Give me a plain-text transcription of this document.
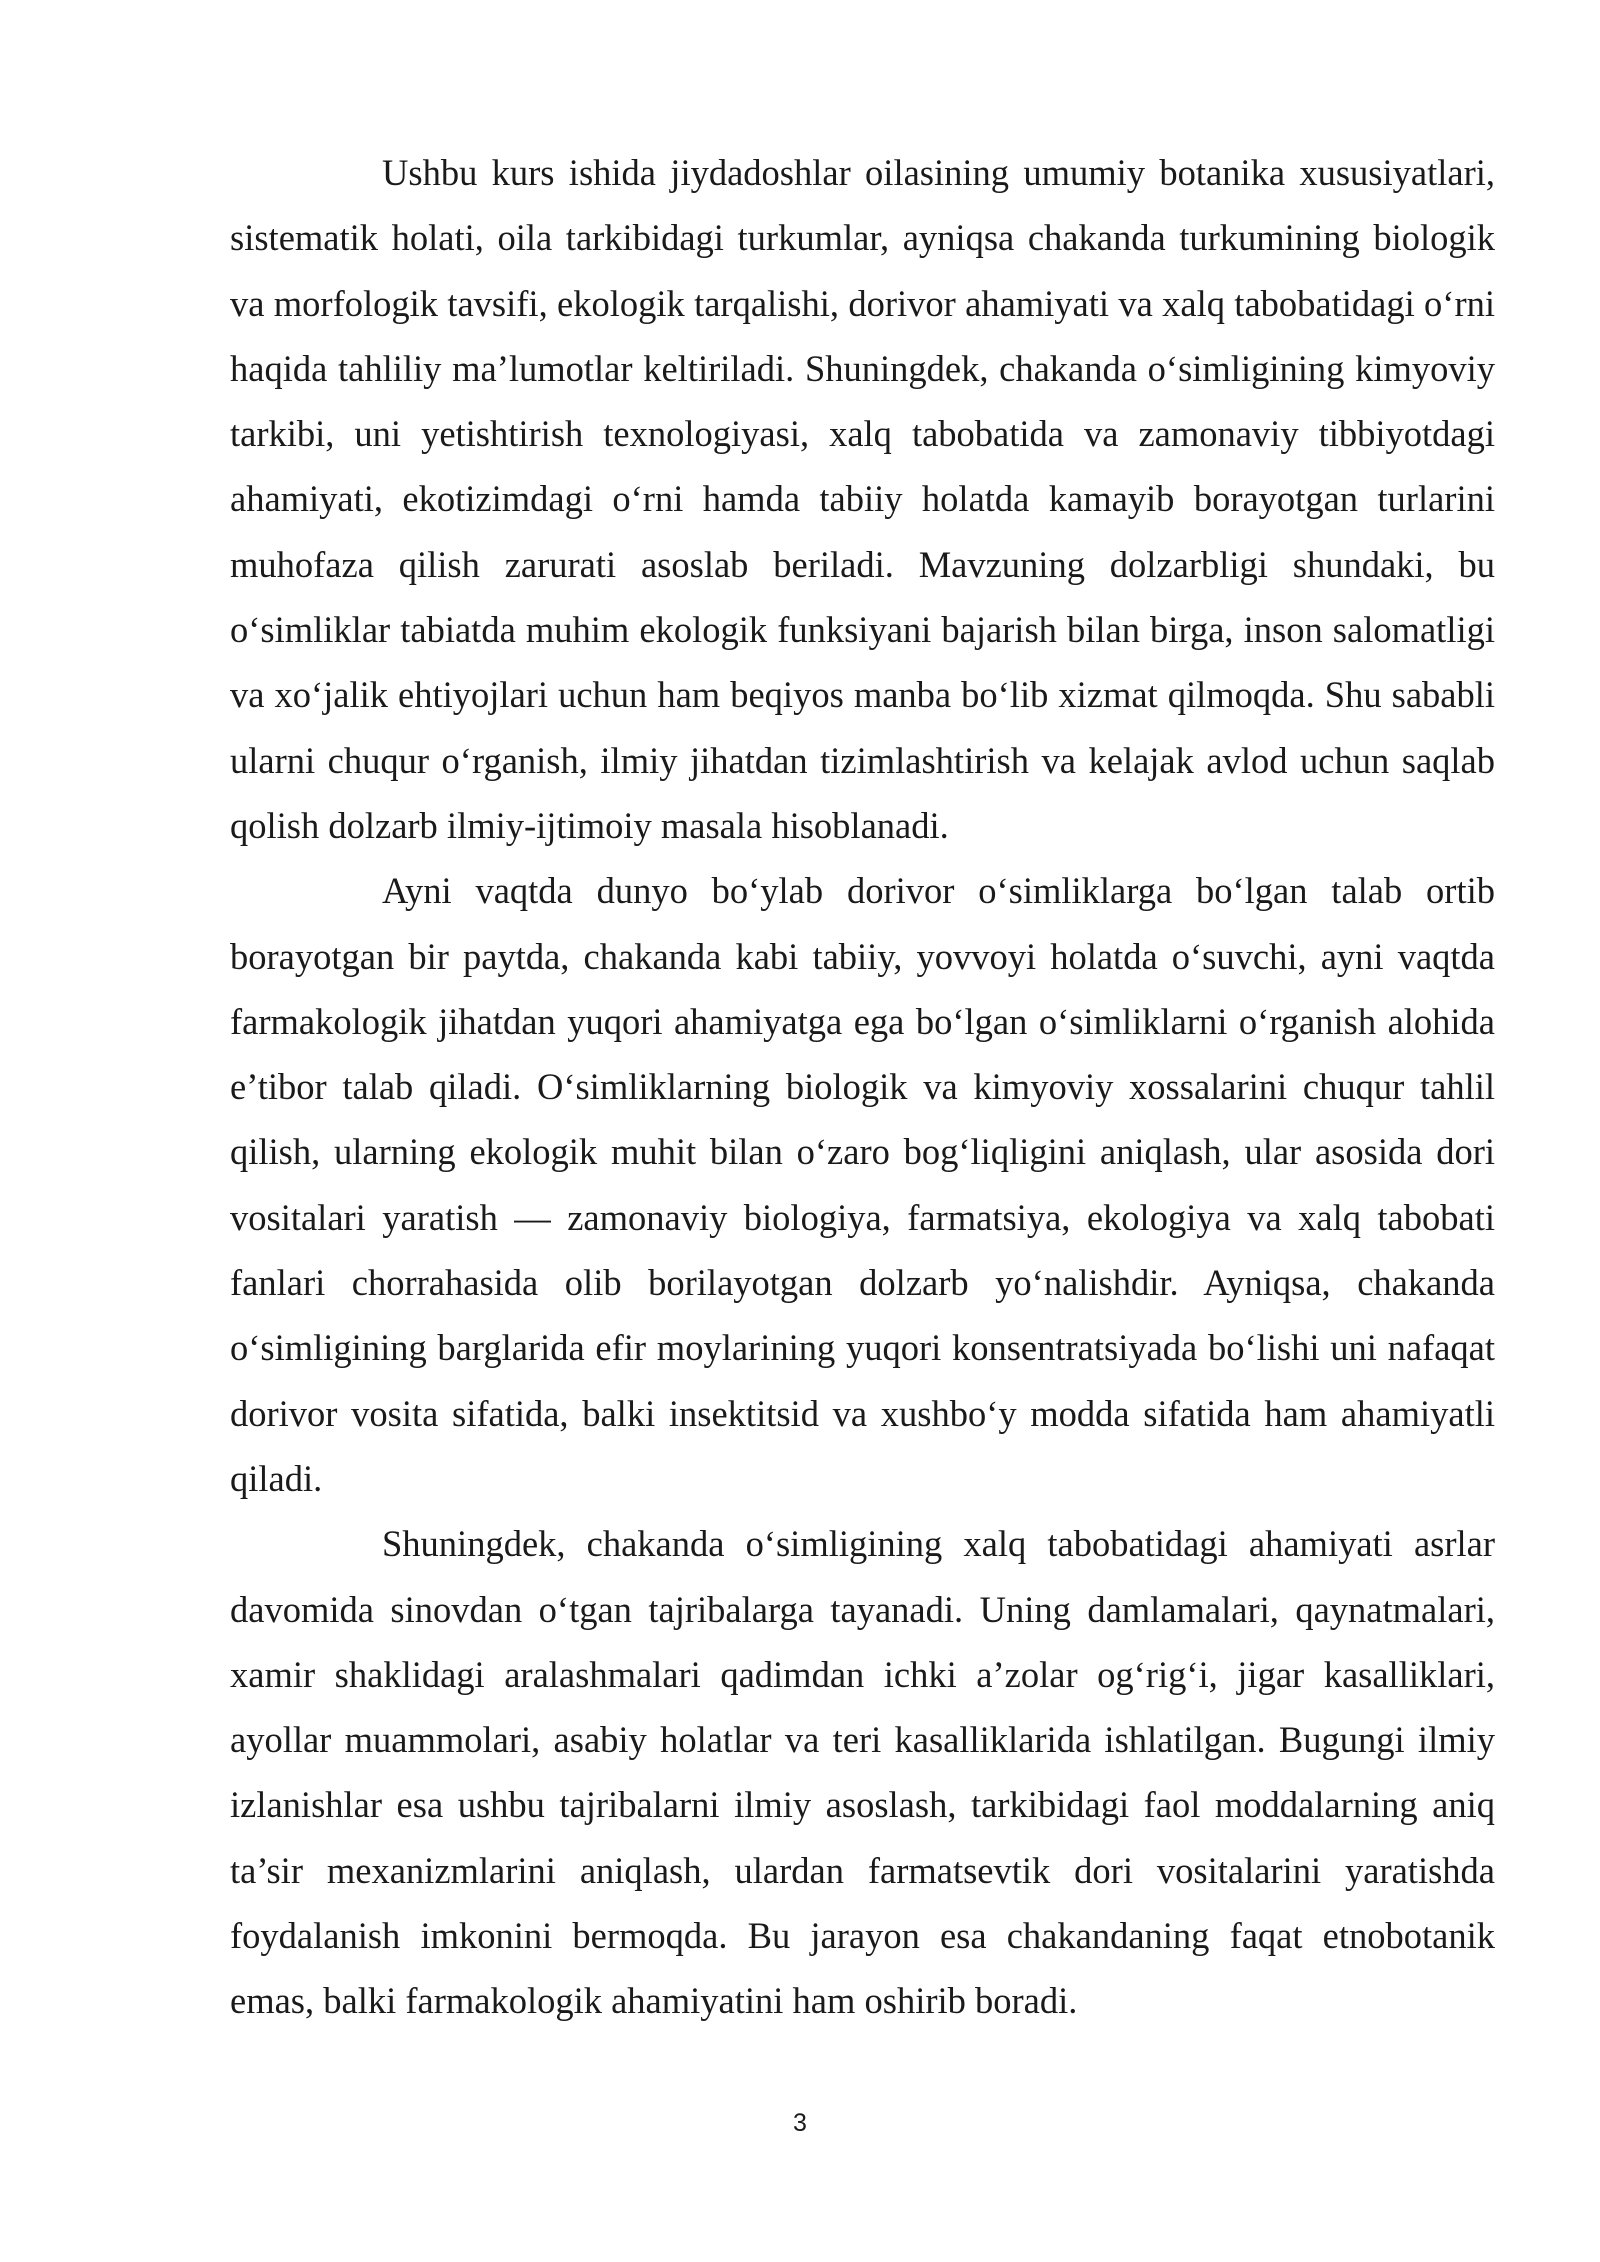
Ushbu kurs ishida jiydadoshlar oilasining umumiy botanika xususiyatlari, sistematik holati, oila tarkibidagi turkumlar, ayniqsa chakanda turkumining biologik va morfologik tavsifi, ekologik tarqalishi, dorivor ahamiyati va xalq tabobatidagi o‘rni haqida tahliliy ma’lumotlar keltiriladi. Shuningdek, chakanda o‘simligining kimyoviy tarkibi, uni yetishtirish texnologiyasi, xalq tabobatida va zamonaviy tibbiyotdagi ahamiyati, ekotizimdagi o‘rni hamda tabiiy holatda kamayib borayotgan turlarini muhofaza qilish zarurati asoslab beriladi. Mavzuning dolzarbligi shundaki, bu o‘simliklar tabiatda muhim ekologik funksiyani bajarish bilan birga, inson salomatligi va xo‘jalik ehtiyojlari uchun ham beqiyos manba bo‘lib xizmat qilmoqda. Shu sababli ularni chuqur o‘rganish, ilmiy jihatdan tizimlashtirish va kelajak avlod uchun saqlab qolish dolzarb ilmiy-ijtimoiy masala hisoblanadi.

Ayni vaqtda dunyo bo‘ylab dorivor o‘simliklarga bo‘lgan talab ortib borayotgan bir paytda, chakanda kabi tabiiy, yovvoyi holatda o‘suvchi, ayni vaqtda farmakologik jihatdan yuqori ahamiyatga ega bo‘lgan o‘simliklarni o‘rganish alohida e’tibor talab qiladi. O‘simliklarning biologik va kimyoviy xossalarini chuqur tahlil qilish, ularning ekologik muhit bilan o‘zaro bog‘liqligini aniqlash, ular asosida dori vositalari yaratish — zamonaviy biologiya, farmatsiya, ekologiya va xalq tabobati fanlari chorrahasida olib borilayotgan dolzarb yo‘nalishdir. Ayniqsa, chakanda o‘simligining barglarida efir moylarining yuqori konsentratsiyada bo‘lishi uni nafaqat dorivor vosita sifatida, balki insektitsid va xushbo‘y modda sifatida ham ahamiyatli qiladi.

Shuningdek, chakanda o‘simligining xalq tabobatidagi ahamiyati asrlar davomida sinovdan o‘tgan tajribalarga tayanadi. Uning damlamalari, qaynatmalari, xamir shaklidagi aralashmalari qadimdan ichki a’zolar og‘rig‘i, jigar kasalliklari, ayollar muammolari, asabiy holatlar va teri kasalliklarida ishlatilgan. Bugungi ilmiy izlanishlar esa ushbu tajribalarni ilmiy asoslash, tarkibidagi faol moddalarning aniq ta’sir mexanizmlarini aniqlash, ulardan farmatsevtik dori vositalarini yaratishda foydalanish imkonini bermoqda. Bu jarayon esa chakandaning faqat etnobotanik emas, balki farmakologik ahamiyatini ham oshirib boradi.

3
